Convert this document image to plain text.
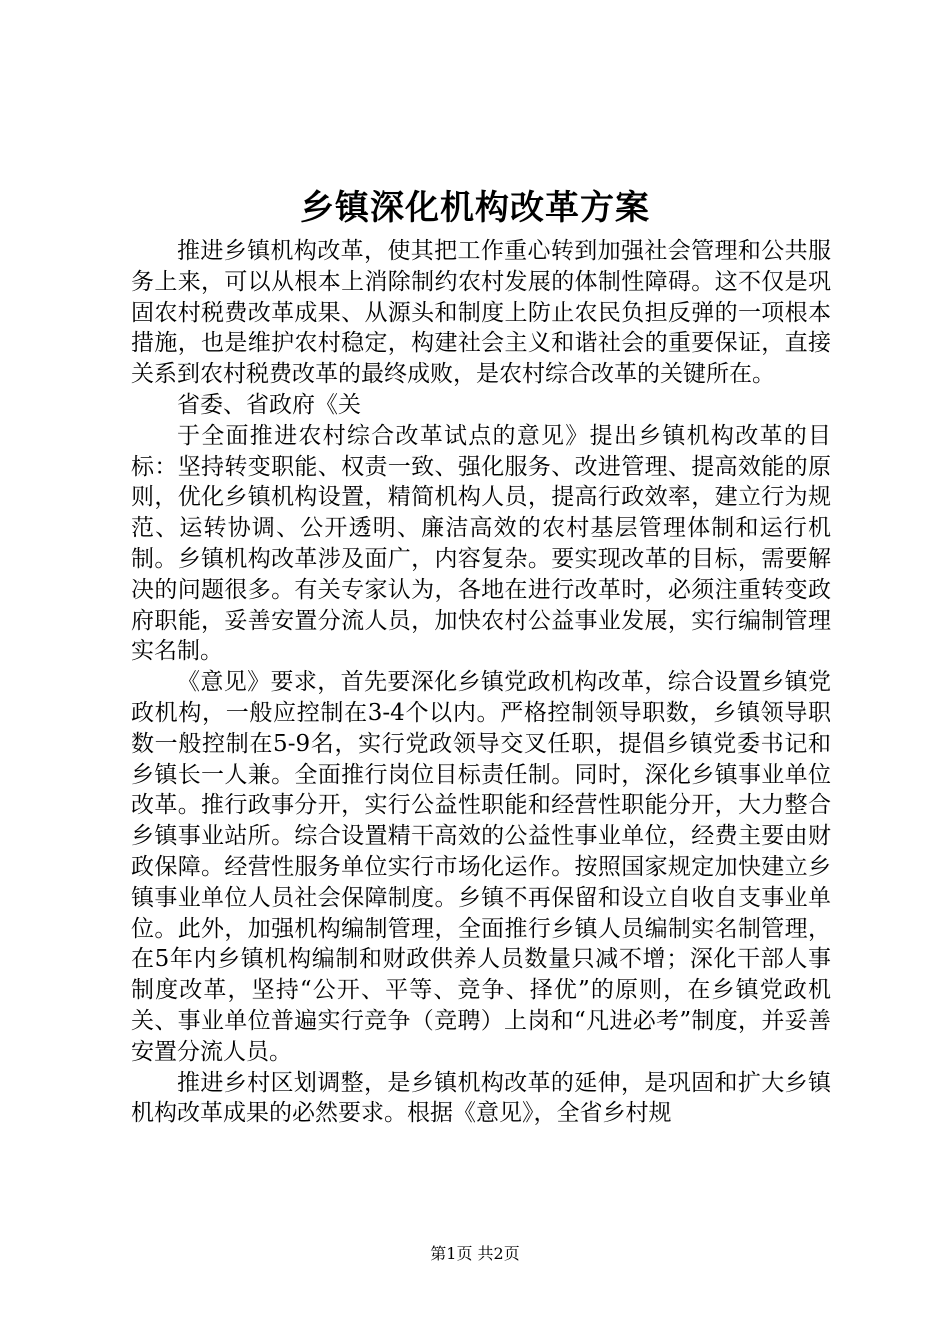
乡镇深化机构改革方案

推进乡镇机构改革，使其把工作重心转到加强社会管理和公共服务上来，可以从根本上消除制约农村发展的体制性障碍。这不仅是巩固农村税费改革成果、从源头和制度上防止农民负担反弹的一项根本措施，也是维护农村稳定，构建社会主义和谐社会的重要保证，直接关系到农村税费改革的最终成败，是农村综合改革的关键所在。

省委、省政府《关

于全面推进农村综合改革试点的意见》提出乡镇机构改革的目标：坚持转变职能、权责一致、强化服务、改进管理、提高效能的原则，优化乡镇机构设置，精简机构人员，提高行政效率，建立行为规范、运转协调、公开透明、廉洁高效的农村基层管理体制和运行机制。乡镇机构改革涉及面广，内容复杂。要实现改革的目标，需要解决的问题很多。有关专家认为，各地在进行改革时，必须注重转变政府职能，妥善安置分流人员，加快农村公益事业发展，实行编制管理实名制。

《意见》要求，首先要深化乡镇党政机构改革，综合设置乡镇党政机构，一般应控制在3-4个以内。严格控制领导职数，乡镇领导职数一般控制在5-9名，实行党政领导交叉任职，提倡乡镇党委书记和乡镇长一人兼。全面推行岗位目标责任制。同时，深化乡镇事业单位改革。推行政事分开，实行公益性职能和经营性职能分开，大力整合乡镇事业站所。综合设置精干高效的公益性事业单位，经费主要由财政保障。经营性服务单位实行市场化运作。按照国家规定加快建立乡镇事业单位人员社会保障制度。乡镇不再保留和设立自收自支事业单位。此外，加强机构编制管理，全面推行乡镇人员编制实名制管理，在5年内乡镇机构编制和财政供养人员数量只减不增；深化干部人事制度改革，坚持“公开、平等、竞争、择优”的原则，在乡镇党政机关、事业单位普遍实行竞争（竞聘）上岗和“凡进必考”制度，并妥善安置分流人员。

推进乡村区划调整，是乡镇机构改革的延伸，是巩固和扩大乡镇机构改革成果的必然要求。根据《意见》，全省乡村规

第1页 共2页
